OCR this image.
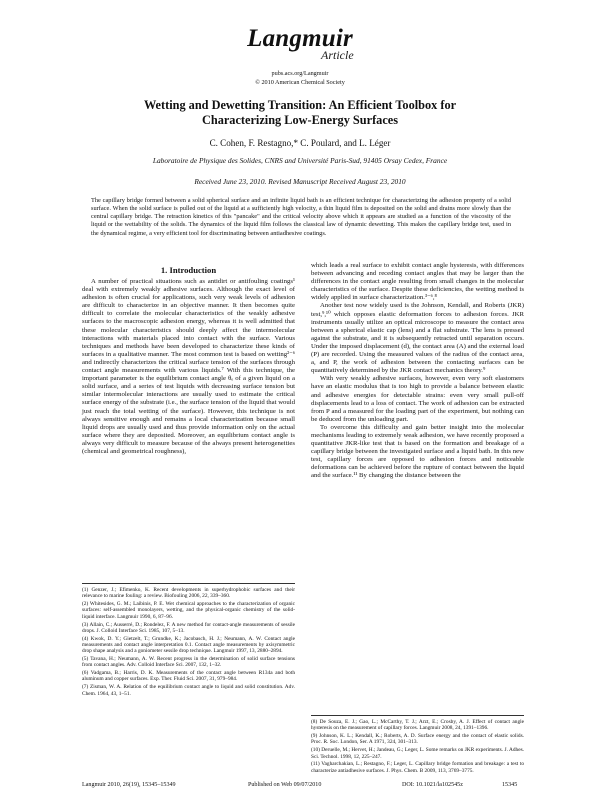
Langmuir
Article
pubs.acs.org/Langmuir
© 2010 American Chemical Society
Wetting and Dewetting Transition: An Efficient Toolbox for
Characterizing Low-Energy Surfaces
C. Cohen, F. Restagno,* C. Poulard, and L. Léger
Laboratoire de Physique des Solides, CNRS and Université Paris-Sud, 91405 Orsay Cedex, France
Received June 23, 2010. Revised Manuscript Received August 23, 2010
The capillary bridge formed between a solid spherical surface and an infinite liquid bath is an efficient technique for characterizing the adhesion property of a solid surface. When the solid surface is pulled out of the liquid at a sufficiently high velocity, a thin liquid film is deposited on the solid and drains more slowly than the central capillary bridge. The retraction kinetics of this "pancake" and the critical velocity above which it appears are studied as a function of the viscosity of the liquid or the wettability of the solids. The dynamics of the liquid film follows the classical law of dynamic dewetting. This makes the capillary bridge test, used in the dynamical regime, a very efficient tool for discriminating between antiadhesive coatings.
1. Introduction

A number of practical situations such as antidirt or antifouling coatings¹ deal with extremely weakly adhesive surfaces. Although the exact level of adhesion is often crucial for applications, such very weak levels of adhesion are difficult to characterize in an objective manner. It then becomes quite difficult to correlate the molecular characteristics of the weakly adhesive surfaces to the macroscopic adhesion energy, whereas it is well admitted that these molecular characteristics should deeply affect the intermolecular interactions with materials placed into contact with the surface. Various techniques and methods have been developed to characterize these kinds of surfaces in a qualitative manner. The most common test is based on wetting²⁻⁶ and indirectly characterizes the critical surface tension of the surfaces through contact angle measurements with various liquids.⁷ With this technique, the important parameter is the equilibrium contact angle θₑ of a given liquid on a solid surface, and a series of test liquids with decreasing surface tension but similar intermolecular interactions are usually used to estimate the critical surface energy of the substrate (i.e., the surface tension of the liquid that would just reach the total wetting of the surface). However, this technique is not always sensitive enough and remains a local characterization because small liquid drops are usually used and thus provide information only on the actual surface where they are deposited. Moreover, an equilibrium contact angle is always very difficult to measure because of the always present heterogeneities (chemical and geometrical roughness),

which leads a real surface to exhibit contact angle hysteresis, with differences between advancing and receding contact angles that may be larger than the differences in the contact angle resulting from small changes in the molecular characteristics of the surface. Despite these deficiencies, the wetting method is widely applied in surface characterization.³⁻⁶,⁸

Another test now widely used is the Johnson, Kendall, and Roberts (JKR) test,⁹,¹⁰ which opposes elastic deformation forces to adhesion forces. JKR instruments usually utilize an optical microscope to measure the contact area between a spherical elastic cap (lens) and a flat substrate. The lens is pressed against the substrate, and it is subsequently retracted until separation occurs. Under the imposed displacement (d), the contact area (A) and the external load (P) are recorded. Using the measured values of the radius of the contact area, a, and P, the work of adhesion between the contacting surfaces can be quantitatively determined by the JKR contact mechanics theory.⁹

With very weakly adhesive surfaces, however, even very soft elastomers have an elastic modulus that is too high to provide a balance between elastic and adhesive energies for detectable strains: even very small pull-off displacements lead to a loss of contact. The work of adhesion can be extracted from P and a measured for the loading part of the experiment, but nothing can be deduced from the unloading part.

To overcome this difficulty and gain better insight into the molecular mechanisms leading to extremely weak adhesion, we have recently proposed a quantitative JKR-like test that is based on the formation and breakage of a capillary bridge between the investigated surface and a liquid bath. In this new test, capillary forces are opposed to adhesion forces and noticeable deformations can be achieved before the rupture of contact between the liquid and the surface.¹¹ By changing the distance between the

(1) Genzer, J.; Efimenko, K. Recent developments in superhydrophobic surfaces and their relevance to marine fouling: a review. Biofouling 2006, 22, 339–360.

(2) Whitesides, G. M.; Laibinis, P. E. Wet chemical approaches to the characterization of organic surfaces: self-assembled monolayers, wetting, and the physical-organic chemistry of the solid-liquid interface. Langmuir 1990, 6, 87–96.

(3) Allain, C.; Ausserré, D.; Rondelez, F. A new method for contact-angle measurements of sessile drops. J. Colloid Interface Sci. 1985, 107, 5–13.

(4) Kwok, D. Y.; Gietzelt, T.; Grundke, K.; Jacobasch, H. J.; Neumann, A. W. Contact angle measurements and contact angle interpretation 0.1. Contact angle measurements by axisymmetric drop shape analysis and a goniometer sessile drop technique. Langmuir 1997, 13, 2880–2894.

(5) Tavana, H.; Neumann, A. W. Recent progress in the determination of solid surface tensions from contact angles. Adv. Colloid Interface Sci. 2007, 132, 1–32.

(6) Vadgama, B.; Harris, D. K. Measurements of the contact angle between R134a and both aluminum and copper surfaces. Exp. Ther. Fluid Sci. 2007, 31, 979–984.

(7) Zisman, W. A. Relation of the equilibrium contact angle to liquid and solid constitution. Adv. Chem. 1964, 43, 1–51.

(8) De Souza, E. J.; Gao, L.; McCarthy, T. J.; Arzt, E.; Crosby, A. J. Effect of contact angle hysteresis on the measurement of capillary forces. Langmuir 2008, 24, 1391–1396.

(9) Johnson, K. L.; Kendall, K.; Roberts, A. D. Surface energy and the contact of elastic solids. Proc. R. Soc. London, Ser. A 1971, 324, 301–313.

(10) Deruelle, M.; Hervet, H.; Jandeau, G.; Leger, L. Some remarks on JKR experiments. J. Adhes. Sci. Technol. 1998, 12, 225–247.

(11) Vagharchakian, L.; Restagno, F.; Leger, L. Capillary bridge formation and breakage: a test to characterize antiadhesive surfaces. J. Phys. Chem. B 2009, 113, 3769–3775.

Langmuir 2010, 26(19), 15345–15349	Published on Web 09/07/2010	DOI: 10.1021/la102545z	15345
